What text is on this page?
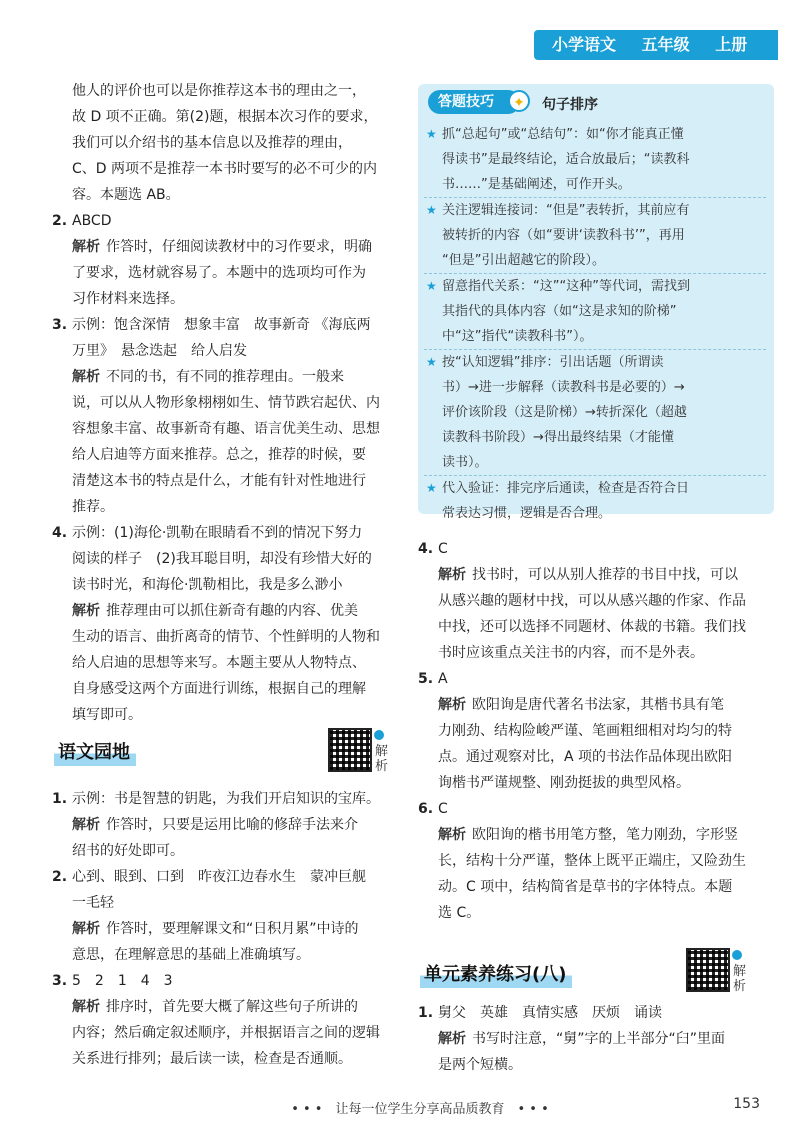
小学语文 五年级 上册

他人的评价也可以是你推荐这本书的理由之一，

故 D 项不正确。第(2)题，根据本次习作的要求，

我们可以介绍书的基本信息以及推荐的理由，

C、D 两项不是推荐一本书时要写的必不可少的内

容。本题选 AB。

2. ABCD

解析 作答时，仔细阅读教材中的习作要求，明确

了要求，选材就容易了。本题中的选项均可作为

习作材料来选择。

3. 示例：饱含深情　想象丰富　故事新奇 《海底两

万里》　悬念迭起　给人启发

解析 不同的书，有不同的推荐理由。一般来

说，可以从人物形象栩栩如生、情节跌宕起伏、内

容想象丰富、故事新奇有趣、语言优美生动、思想

给人启迪等方面来推荐。总之，推荐的时候，要

清楚这本书的特点是什么，才能有针对性地进行

推荐。

4. 示例：(1)海伦·凯勒在眼睛看不到的情况下努力

阅读的样子　(2)我耳聪目明，却没有珍惜大好的

读书时光，和海伦·凯勒相比，我是多么渺小

解析 推荐理由可以抓住新奇有趣的内容、优美

生动的语言、曲折离奇的情节、个性鲜明的人物和

给人启迪的思想等来写。本题主要从人物特点、

自身感受这两个方面进行训练，根据自己的理解

填写即可。

语文园地	解析

1. 示例：书是智慧的钥匙，为我们开启知识的宝库。

解析 作答时，只要是运用比喻的修辞手法来介

绍书的好处即可。

2. 心到、眼到、口到　昨夜江边春水生　蒙冲巨舰

一毛轻

解析 作答时，要理解课文和“日积月累”中诗的

意思，在理解意思的基础上准确填写。

3. 5　2　1　4　3

解析 排序时，首先要大概了解这些句子所讲的

内容；然后确定叙述顺序，并根据语言之间的逻辑

关系进行排列；最后读一读，检查是否通顺。

答题技巧	✦	句子排序
★ 抓“总起句”或“总结句”：如“你才能真正懂

得读书”是最终结论，适合放最后；“读教科

书……”是基础阐述，可作开头。

★ 关注逻辑连接词：“但是”表转折，其前应有

被转折的内容（如“要讲‘读教科书’”，再用

“但是”引出超越它的阶段）。

★ 留意指代关系：“这”“这种”等代词，需找到

其指代的具体内容（如“这是求知的阶梯”

中“这”指代“读教科书”）。

★ 按“认知逻辑”排序：引出话题（所谓读

书）→进一步解释（读教科书是必要的）→

评价该阶段（这是阶梯）→转折深化（超越

读教科书阶段）→得出最终结果（才能懂

读书）。

★ 代入验证：排完序后通读，检查是否符合日

常表达习惯，逻辑是否合理。

4. C

解析 找书时，可以从别人推荐的书目中找，可以

从感兴趣的题材中找，可以从感兴趣的作家、作品

中找，还可以选择不同题材、体裁的书籍。我们找

书时应该重点关注书的内容，而不是外表。

5. A

解析 欧阳询是唐代著名书法家，其楷书具有笔

力刚劲、结构险峻严谨、笔画粗细相对均匀的特

点。通过观察对比，A 项的书法作品体现出欧阳

询楷书严谨规整、刚劲挺拔的典型风格。

6. C

解析 欧阳询的楷书用笔方整，笔力刚劲，字形竖

长，结构十分严谨，整体上既平正端庄，又险劲生

动。C 项中，结构简省是草书的字体特点。本题

选 C。

单元素养练习(八)	解析

1. 舅父　英雄　真情实感　厌烦　诵读

解析 书写时注意，“舅”字的上半部分“臼”里面

是两个短横。

• • •　让每一位学生分享高品质教育　• • •	153
